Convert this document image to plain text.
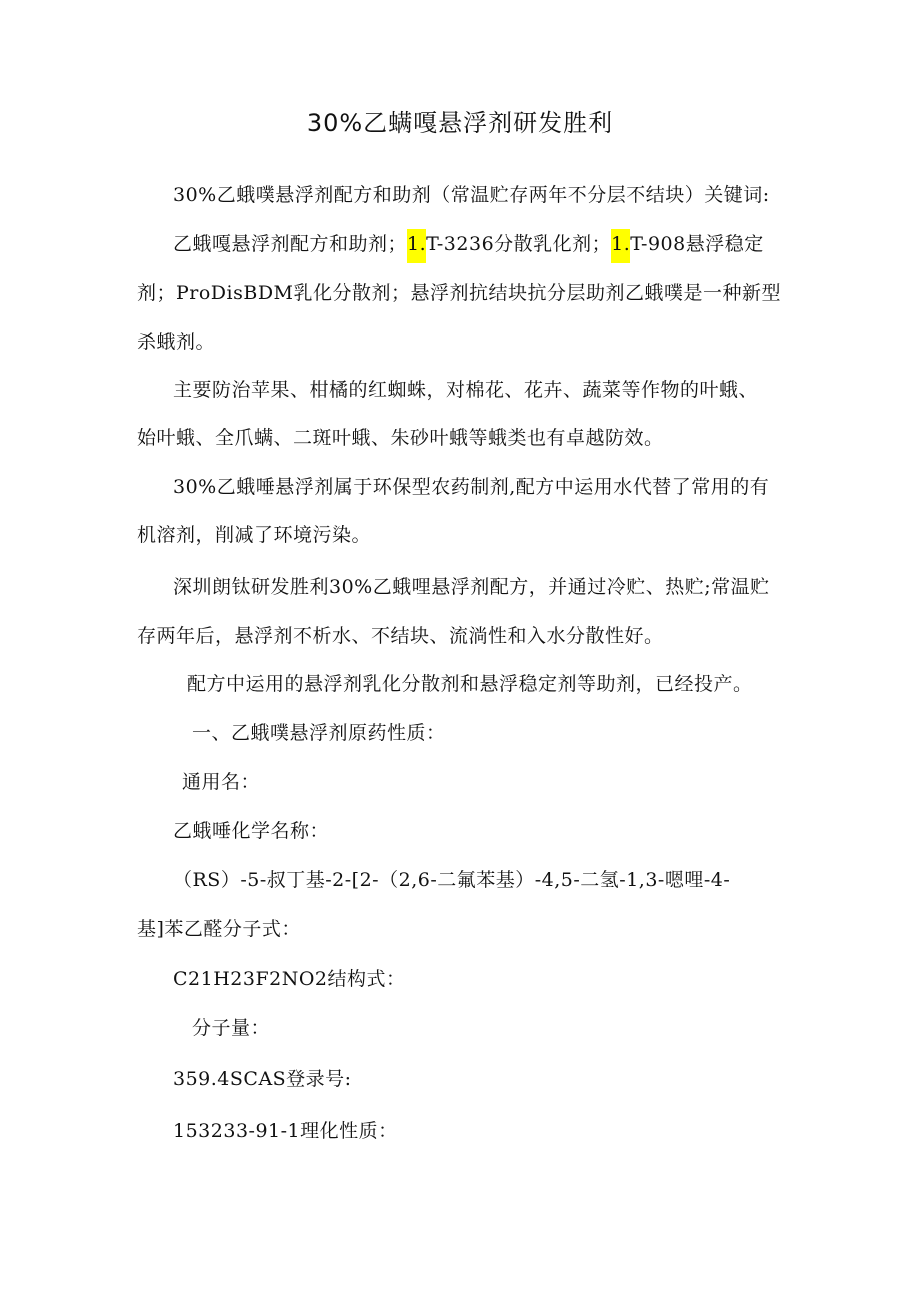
30%乙螨嘎悬浮剂研发胜利
30%乙蛾噗悬浮剂配方和助剂（常温贮存两年不分层不结块）关键词:
乙蛾嘎悬浮剂配方和助剂；1.T-3236分散乳化剂；1.T-908悬浮稳定
剂；ProDisBDM乳化分散剂；悬浮剂抗结块抗分层助剂乙蛾噗是一种新型
杀蛾剂。
主要防治苹果、柑橘的红蜘蛛，对棉花、花卉、蔬菜等作物的叶蛾、
始叶蛾、全爪螨、二斑叶蛾、朱砂叶蛾等蛾类也有卓越防效。
30%乙蛾唾悬浮剂属于环保型农药制剂,配方中运用水代替了常用的有
机溶剂，削减了环境污染。
深圳朗钛研发胜利30%乙蛾哩悬浮剂配方，并通过冷贮、热贮;常温贮
存两年后，悬浮剂不析水、不结块、流淌性和入水分散性好。
配方中运用的悬浮剂乳化分散剂和悬浮稳定剂等助剂，已经投产。
一、乙蛾噗悬浮剂原药性质：
通用名：
乙蛾唾化学名称：
（RS）-5-叔丁基-2-[2-（2,6-二氟苯基）-4,5-二氢-1,3-嗯哩-4-
基]苯乙醛分子式：
C21H23F2NO2结构式：
分子量：
359.4SCAS登录号:
153233-91-1理化性质：
